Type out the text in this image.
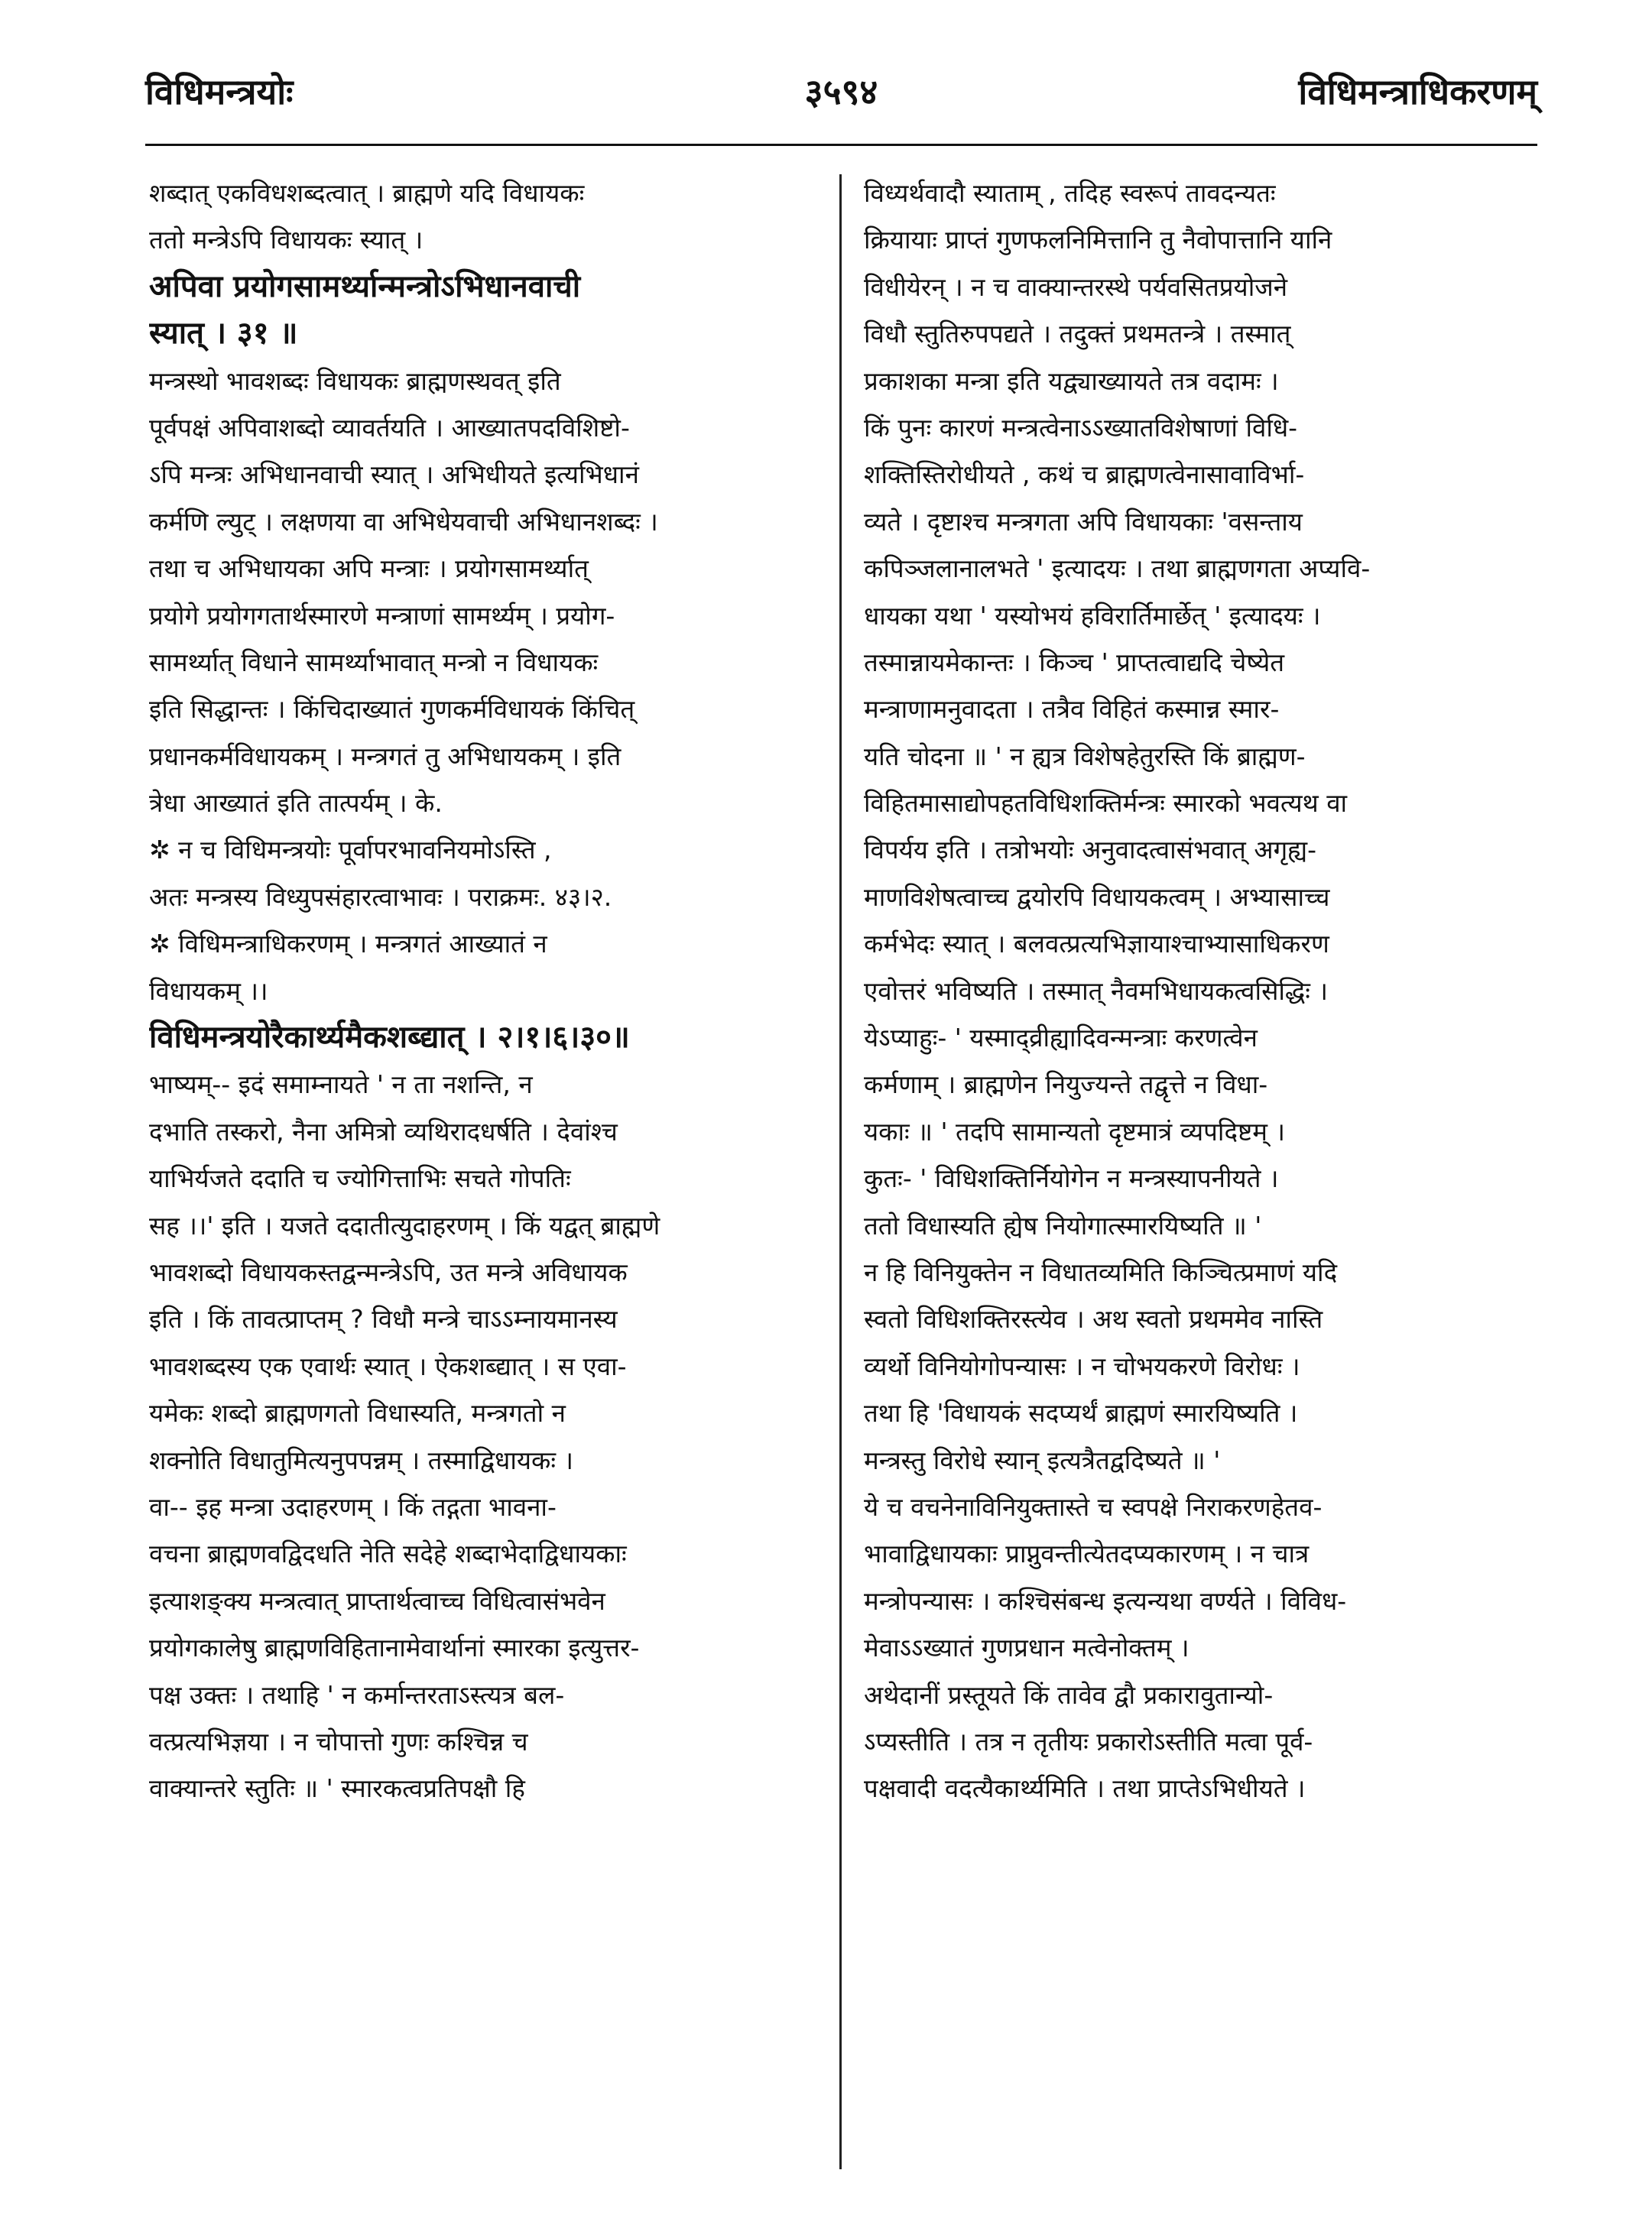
विधिमन्त्रयोः	३५९४	विधिमन्त्राधिकरणम्
शब्दात् एकविधशब्दत्वात् । ब्राह्मणे यदि विधायकः
ततो मन्त्रेऽपि विधायकः स्यात् ।
अपिवा प्रयोगसामर्थ्यान्मन्त्रोऽभिधानवाची
स्यात् । ३१ ॥
मन्त्रस्थो भावशब्दः विधायकः ब्राह्मणस्थवत् इति
पूर्वपक्षं अपिवाशब्दो व्यावर्तयति । आख्यातपदविशिष्टो-
ऽपि मन्त्रः अभिधानवाची स्यात् । अभिधीयते इत्यभिधानं
कर्मणि ल्युट् । लक्षणया वा अभिधेयवाची अभिधानशब्दः ।
तथा च अभिधायका अपि मन्त्राः । प्रयोगसामर्थ्यात्
प्रयोगे प्रयोगगतार्थस्मारणे मन्त्राणां सामर्थ्यम् । प्रयोग-
सामर्थ्यात् विधाने सामर्थ्याभावात् मन्त्रो न विधायकः
इति सिद्धान्तः । किंचिदाख्यातं गुणकर्मविधायकं किंचित्
प्रधानकर्मविधायकम् । मन्त्रगतं तु अभिधायकम् । इति
त्रेधा आख्यातं इति तात्पर्यम् । के.
✲ न च विधिमन्त्रयोः पूर्वापरभावनियमोऽस्ति ,
अतः मन्त्रस्य विध्युपसंहारत्वाभावः । पराक्रमः. ४३।२.
✲ विधिमन्त्राधिकरणम् । मन्त्रगतं आख्यातं न
विधायकम् ।।
विधिमन्त्रयोरैकार्थ्यमैकशब्द्यात् । २।१।६।३०॥
भाष्यम्-- इदं समाम्नायते ' न ता नशन्ति, न
दभाति तस्करो, नैना अमित्रो व्यथिरादधर्षति । देवांश्च
याभिर्यजते ददाति च ज्योगित्ताभिः सचते गोपतिः
सह ।।' इति । यजते ददातीत्युदाहरणम् । किं यद्वत् ब्राह्मणे
भावशब्दो विधायकस्तद्वन्मन्त्रेऽपि, उत मन्त्रे अविधायक
इति । किं तावत्प्राप्तम् ? विधौ मन्त्रे चाऽऽम्नायमानस्य
भावशब्दस्य एक एवार्थः स्यात् । ऐकशब्द्यात् । स एवा-
यमेकः शब्दो ब्राह्मणगतो विधास्यति, मन्त्रगतो न
शक्नोति विधातुमित्यनुपपन्नम् । तस्माद्विधायकः ।
वा-- इह मन्त्रा उदाहरणम् । किं तद्गता भावना-
वचना ब्राह्मणवद्विदधति नेति सदेहे शब्दाभेदाद्विधायकाः
इत्याशङ्क्य मन्त्रत्वात् प्राप्तार्थत्वाच्च विधित्वासंभवेन
प्रयोगकालेषु ब्राह्मणविहितानामेवार्थानां स्मारका इत्युत्तर-
पक्ष उक्तः । तथाहि ' न कर्मान्तरताऽस्त्यत्र बल-
वत्प्रत्यभिज्ञया । न चोपात्तो गुणः कश्चिन्न च
वाक्यान्तरे स्तुतिः ॥ ' स्मारकत्वप्रतिपक्षौ हि
विध्यर्थवादौ स्याताम् , तदिह स्वरूपं तावदन्यतः
क्रियायाः प्राप्तं गुणफलनिमित्तानि तु नैवोपात्तानि यानि
विधीयेरन् । न च वाक्यान्तरस्थे पर्यवसितप्रयोजने
विधौ स्तुतिरुपपद्यते । तदुक्तं प्रथमतन्त्रे । तस्मात्
प्रकाशका मन्त्रा इति यद्व्याख्यायते तत्र वदामः ।
किं पुनः कारणं मन्त्रत्वेनाऽऽख्यातविशेषाणां विधि-
शक्तिस्तिरोधीयते , कथं च ब्राह्मणत्वेनासावाविर्भा-
व्यते । दृष्टाश्च मन्त्रगता अपि विधायकाः 'वसन्ताय
कपिञ्जलानालभते ' इत्यादयः । तथा ब्राह्मणगता अप्यवि-
धायका यथा ' यस्योभयं हविरार्तिमार्छेत् ' इत्यादयः ।
तस्मान्नायमेकान्तः । किञ्च ' प्राप्तत्वाद्यदि चेष्येत
मन्त्राणामनुवादता । तत्रैव विहितं कस्मान्न स्मार-
यति चोदना ॥ ' न ह्यत्र विशेषहेतुरस्ति किं ब्राह्मण-
विहितमासाद्योपहतविधिशक्तिर्मन्त्रः स्मारको भवत्यथ वा
विपर्यय इति । तत्रोभयोः अनुवादत्वासंभवात् अगृह्य-
माणविशेषत्वाच्च द्वयोरपि विधायकत्वम् । अभ्यासाच्च
कर्मभेदः स्यात् । बलवत्प्रत्यभिज्ञायाश्चाभ्यासाधिकरण
एवोत्तरं भविष्यति । तस्मात् नैवमभिधायकत्वसिद्धिः ।
येऽप्याहुः- ' यस्माद्व्रीह्यादिवन्मन्त्राः करणत्वेन
कर्मणाम् । ब्राह्मणेन नियुज्यन्ते तद्वृत्ते न विधा-
यकाः ॥ ' तदपि सामान्यतो दृष्टमात्रं व्यपदिष्टम् ।
कुतः- ' विधिशक्तिर्नियोगेन न मन्त्रस्यापनीयते ।
ततो विधास्यति ह्येष नियोगात्स्मारयिष्यति ॥ '
न हि विनियुक्तेन न विधातव्यमिति किञ्चित्प्रमाणं यदि
स्वतो विधिशक्तिरस्त्येव । अथ स्वतो प्रथममेव नास्ति
व्यर्थो विनियोगोपन्यासः । न चोभयकरणे विरोधः ।
तथा हि 'विधायकं सदप्यर्थं ब्राह्मणं स्मारयिष्यति ।
मन्त्रस्तु विरोधे स्यान् इत्यत्रैतद्वदिष्यते ॥ '
ये च वचनेनाविनियुक्तास्ते च स्वपक्षे निराकरणहेतव-
भावाद्विधायकाः प्राप्नुवन्तीत्येतदप्यकारणम् । न चात्र
मन्त्रोपन्यासः । कश्चिसंबन्ध इत्यन्यथा वर्ण्यते । विविध-
मेवाऽऽख्यातं गुणप्रधान मत्वेनोक्तम् ।
अथेदानीं प्रस्तूयते किं तावेव द्वौ प्रकारावुतान्यो-
ऽप्यस्तीति । तत्र न तृतीयः प्रकारोऽस्तीति मत्वा पूर्व-
पक्षवादी वदत्यैकार्थ्यमिति । तथा प्राप्तेऽभिधीयते ।
